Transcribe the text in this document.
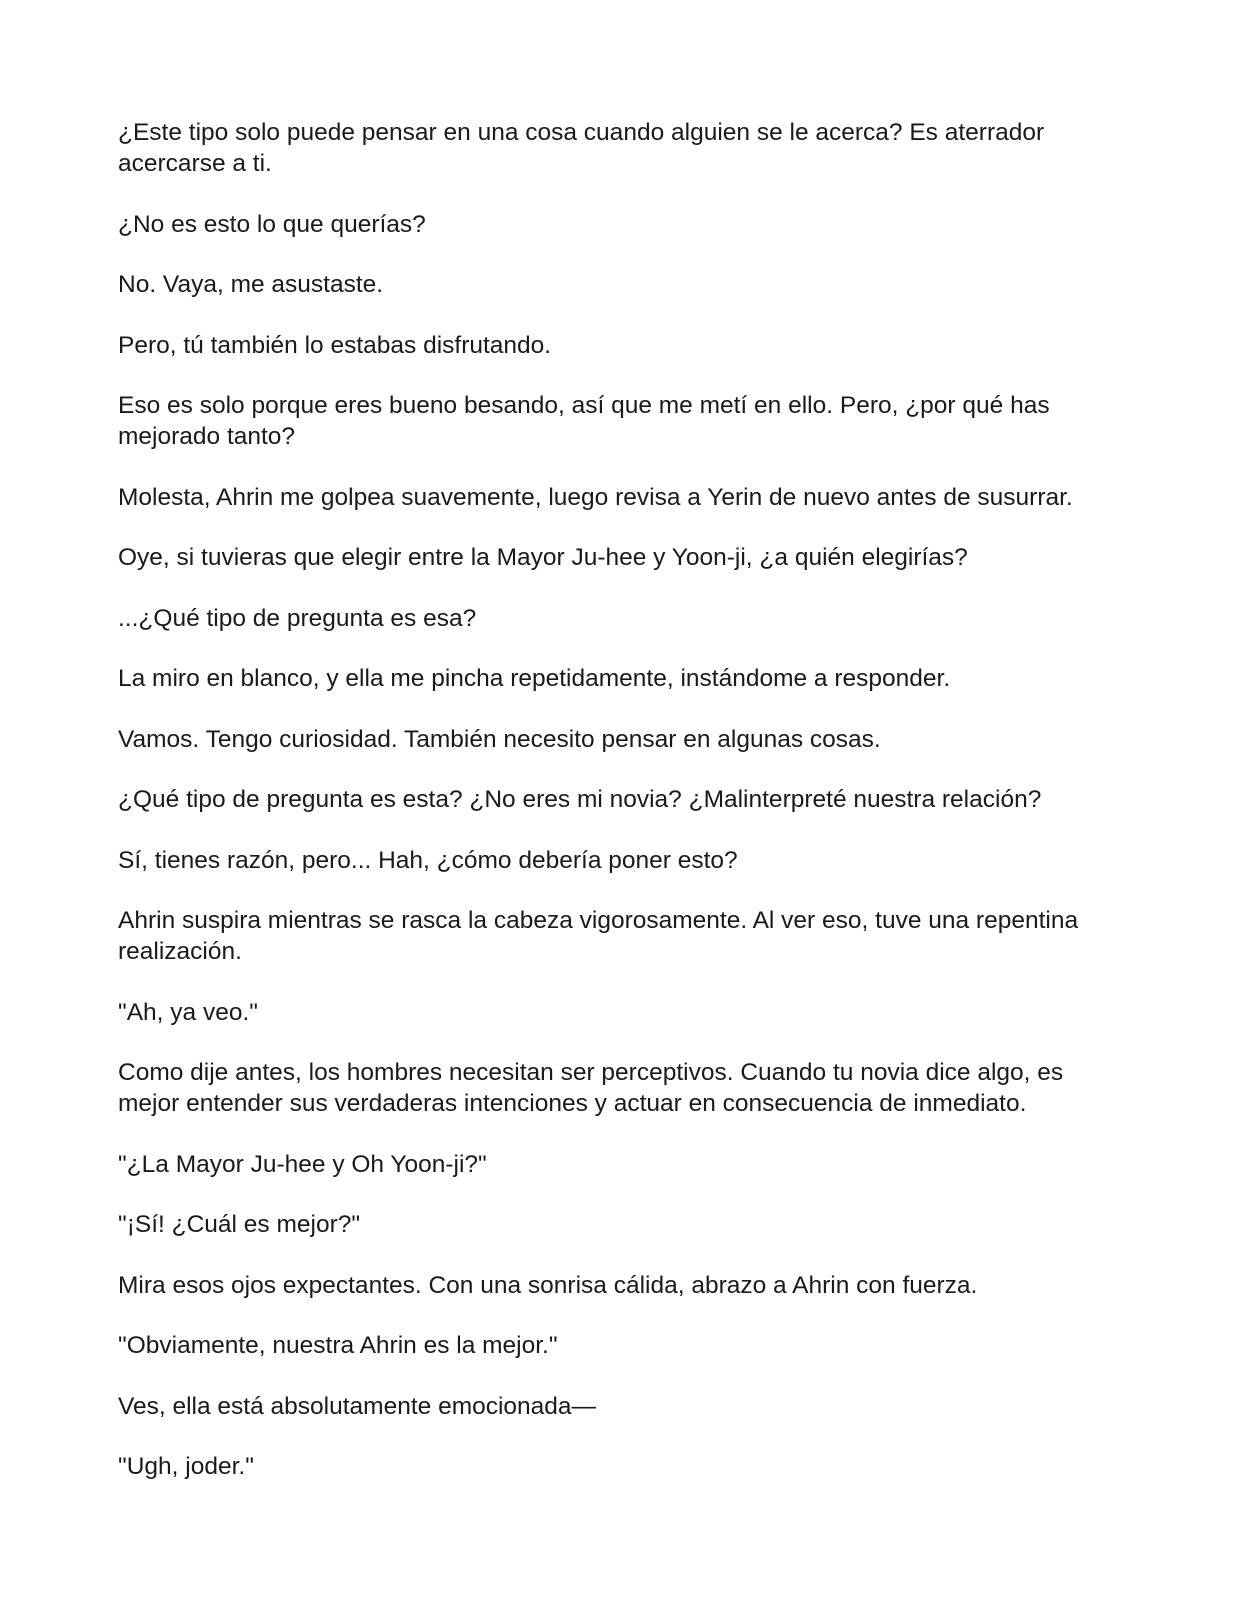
¿Este tipo solo puede pensar en una cosa cuando alguien se le acerca? Es aterrador acercarse a ti.

¿No es esto lo que querías?

No. Vaya, me asustaste.

Pero, tú también lo estabas disfrutando.

Eso es solo porque eres bueno besando, así que me metí en ello. Pero, ¿por qué has mejorado tanto?

Molesta, Ahrin me golpea suavemente, luego revisa a Yerin de nuevo antes de susurrar.

Oye, si tuvieras que elegir entre la Mayor Ju-hee y Yoon-ji, ¿a quién elegirías?

...¿Qué tipo de pregunta es esa?

La miro en blanco, y ella me pincha repetidamente, instándome a responder.

Vamos. Tengo curiosidad. También necesito pensar en algunas cosas.

¿Qué tipo de pregunta es esta? ¿No eres mi novia? ¿Malinterpreté nuestra relación?

Sí, tienes razón, pero... Hah, ¿cómo debería poner esto?

Ahrin suspira mientras se rasca la cabeza vigorosamente. Al ver eso, tuve una repentina realización.

"Ah, ya veo."

Como dije antes, los hombres necesitan ser perceptivos. Cuando tu novia dice algo, es mejor entender sus verdaderas intenciones y actuar en consecuencia de inmediato.

"¿La Mayor Ju-hee y Oh Yoon-ji?"

"¡Sí! ¿Cuál es mejor?"

Mira esos ojos expectantes. Con una sonrisa cálida, abrazo a Ahrin con fuerza.

"Obviamente, nuestra Ahrin es la mejor."

Ves, ella está absolutamente emocionada—

"Ugh, joder."
